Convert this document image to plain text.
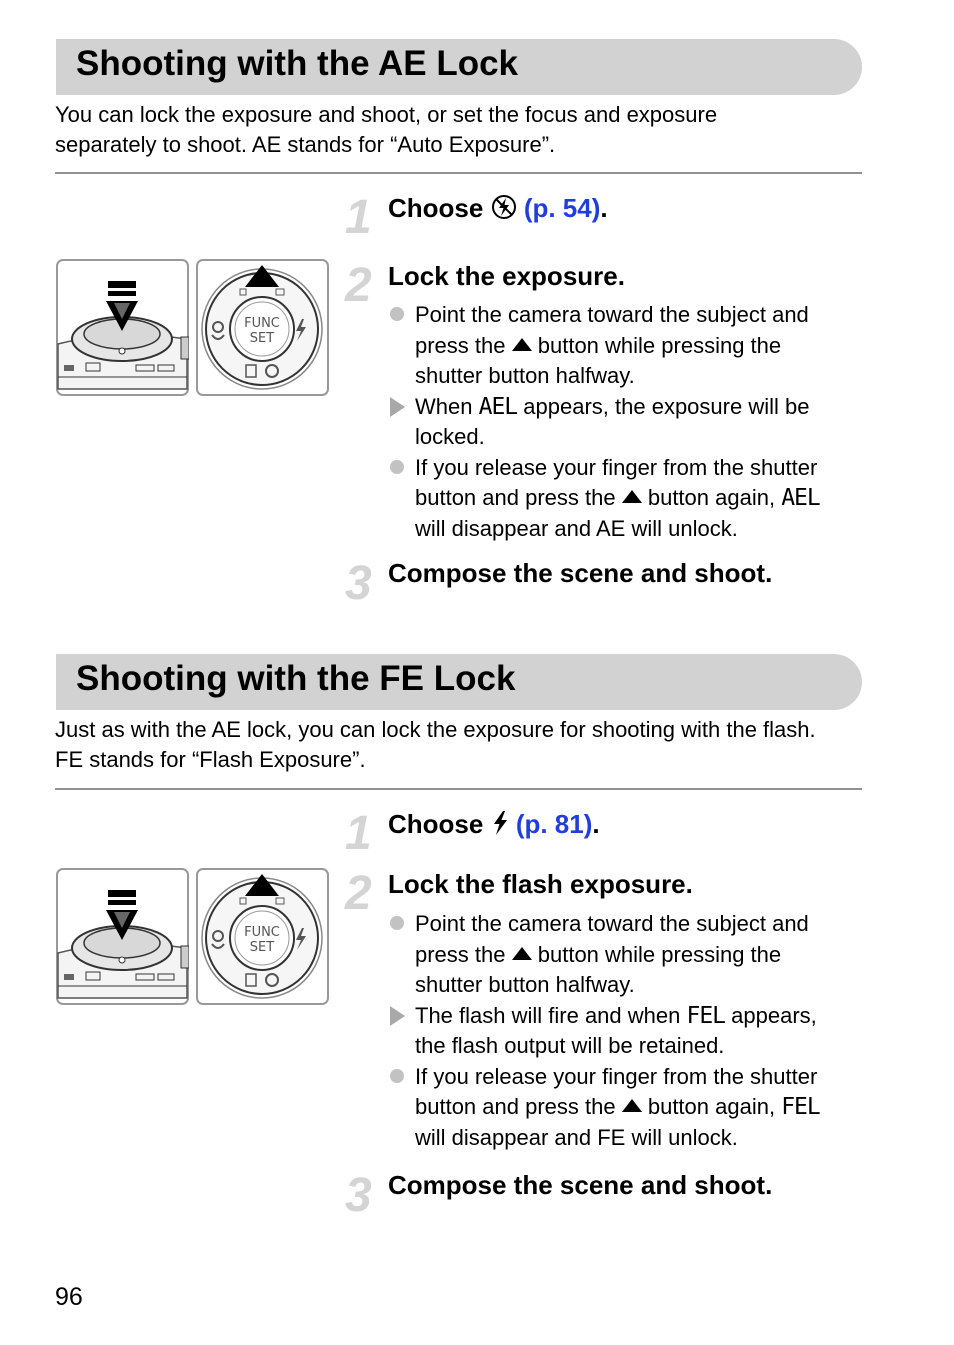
Shooting with the AE Lock
You can lock the exposure and shoot, or set the focus and exposure
separately to shoot. AE stands for “Auto Exposure”.
1 Choose (p. 54).
2 Lock the exposure.
Point the camera toward the subject and
press the button while pressing the
shutter button halfway.
When AEL appears, the exposure will be
locked.
If you release your finger from the shutter
button and press the button again, AEL
will disappear and AE will unlock.
3 Compose the scene and shoot.
FUNC
SET
Shooting with the FE Lock
Just as with the AE lock, you can lock the exposure for shooting with the flash.
FE stands for “Flash Exposure”.
1 Choose (p. 81).
2 Lock the flash exposure.
Point the camera toward the subject and
press the button while pressing the
shutter button halfway.
The flash will fire and when FEL appears,
the flash output will be retained.
If you release your finger from the shutter
button and press the button again, FEL
will disappear and FE will unlock.
3 Compose the scene and shoot.
FUNC
SET
96
